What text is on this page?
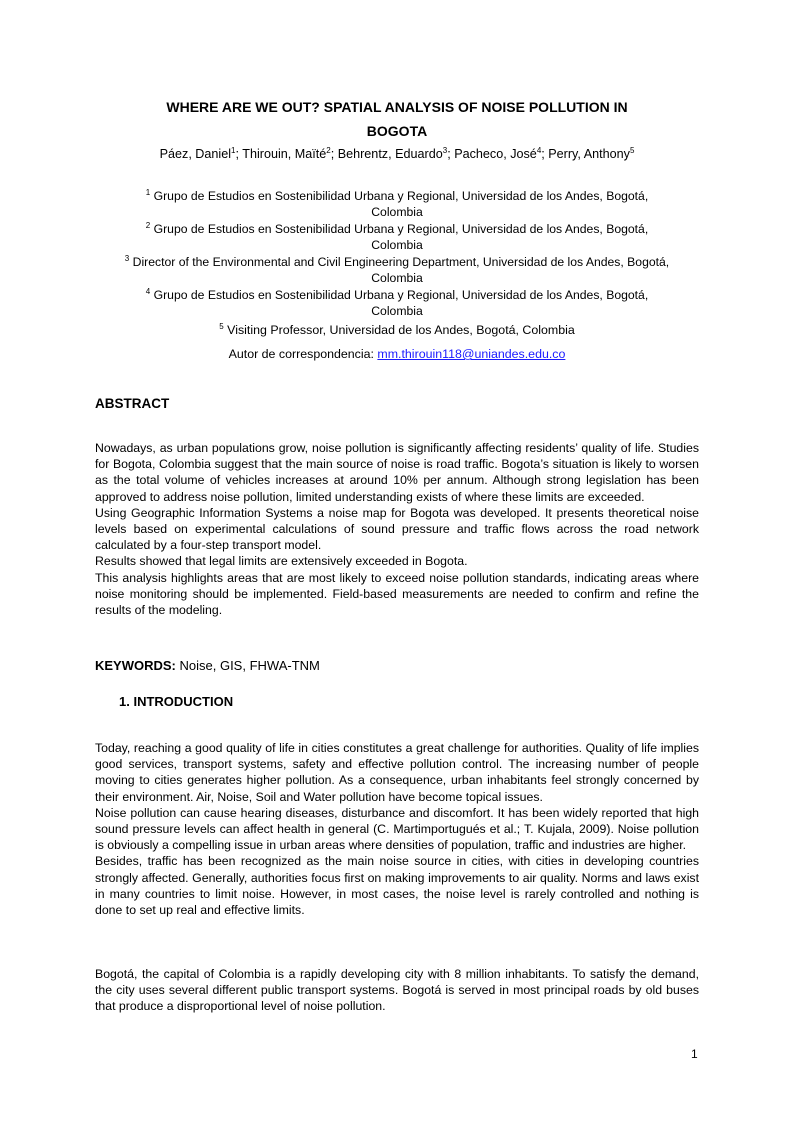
WHERE ARE WE OUT? SPATIAL ANALYSIS OF NOISE POLLUTION IN
BOGOTA
Páez, Daniel$^1$; Thirouin, Maïté$^2$; Behrentz, Eduardo$^3$; Pacheco, José$^4$; Perry, Anthony$^5$
$^1$ Grupo de Estudios en Sostenibilidad Urbana y Regional, Universidad de los Andes, Bogotá,
Colombia
$^2$ Grupo de Estudios en Sostenibilidad Urbana y Regional, Universidad de los Andes, Bogotá,
Colombia
$^3$ Director of the Environmental and Civil Engineering Department, Universidad de los Andes, Bogotá,
Colombia
$^4$ Grupo de Estudios en Sostenibilidad Urbana y Regional, Universidad de los Andes, Bogotá,
Colombia
$^5$ Visiting Professor, Universidad de los Andes, Bogotá, Colombia
Autor de correspondencia: mm.thirouin118@uniandes.edu.co
ABSTRACT

Nowadays, as urban populations grow, noise pollution is significantly affecting residents’ quality of life. Studies for Bogota, Colombia suggest that the main source of noise is road traffic. Bogota’s situation is likely to worsen as the total volume of vehicles increases at around 10% per annum. Although strong legislation has been approved to address noise pollution, limited understanding exists of where these limits are exceeded.

Using Geographic Information Systems a noise map for Bogota was developed. It presents theoretical noise levels based on experimental calculations of sound pressure and traffic flows across the road network calculated by a four-step transport model.

Results showed that legal limits are extensively exceeded in Bogota.

This analysis highlights areas that are most likely to exceed noise pollution standards, indicating areas where noise monitoring should be implemented. Field-based measurements are needed to confirm and refine the results of the modeling.

KEYWORDS: Noise, GIS, FHWA-TNM
1. INTRODUCTION

Today, reaching a good quality of life in cities constitutes a great challenge for authorities. Quality of life implies good services, transport systems, safety and effective pollution control. The increasing number of people moving to cities generates higher pollution. As a consequence, urban inhabitants feel strongly concerned by their environment. Air, Noise, Soil and Water pollution have become topical issues.

Noise pollution can cause hearing diseases, disturbance and discomfort. It has been widely reported that high sound pressure levels can affect health in general (C. Martimportugués et al.; T. Kujala, 2009). Noise pollution is obviously a compelling issue in urban areas where densities of population, traffic and industries are higher.

Besides, traffic has been recognized as the main noise source in cities, with cities in developing countries strongly affected. Generally, authorities focus first on making improvements to air quality. Norms and laws exist in many countries to limit noise. However, in most cases, the noise level is rarely controlled and nothing is done to set up real and effective limits.

Bogotá, the capital of Colombia is a rapidly developing city with 8 million inhabitants. To satisfy the demand, the city uses several different public transport systems. Bogotá is served in most principal roads by old buses that produce a disproportional level of noise pollution.

1
